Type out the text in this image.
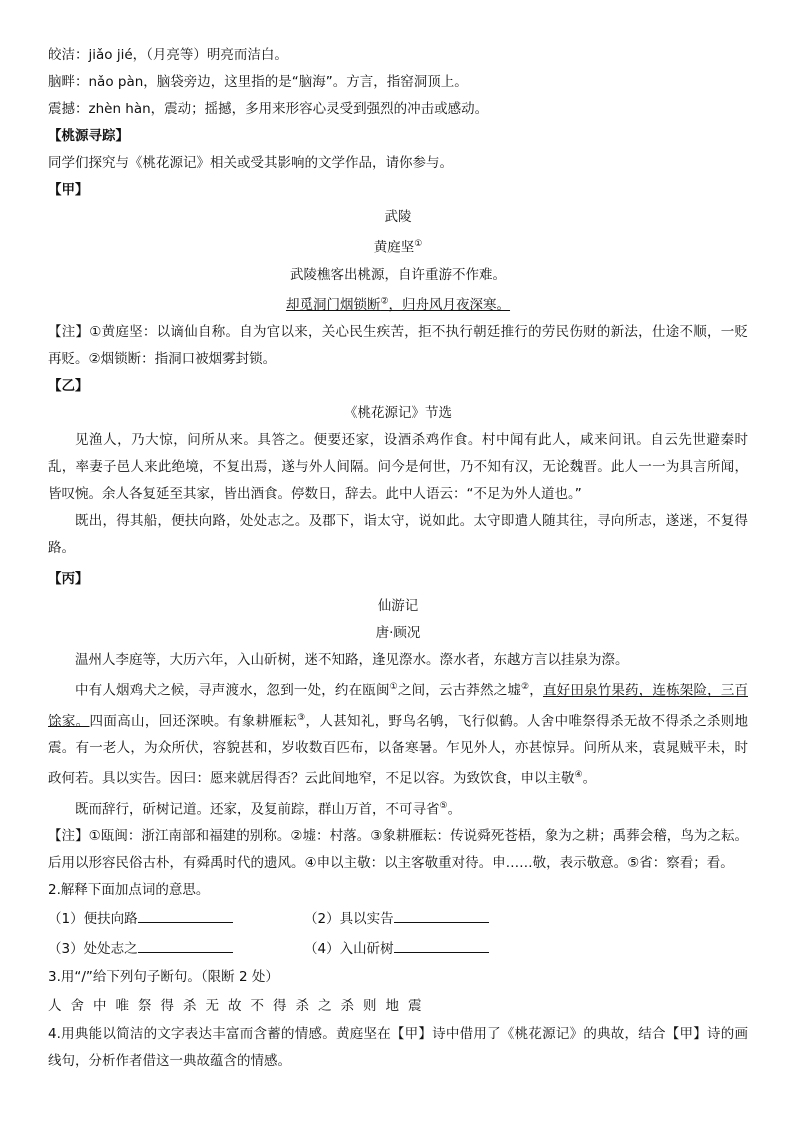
皎洁：jiǎo jié，（月亮等）明亮而洁白。
脑畔：nǎo pàn，脑袋旁边，这里指的是“脑海”。方言，指窑洞顶上。
震撼：zhèn hàn，震动；摇撼，多用来形容心灵受到强烈的冲击或感动。
【桃源寻踪】
同学们探究与《桃花源记》相关或受其影响的文学作品，请你参与。
【甲】
武陵
黄庭坚①
武陵樵客出桃源，自许重游不作难。
却觅洞门烟锁断②，归舟风月夜深寒。
【注】①黄庭坚：以谪仙自称。自为官以来，关心民生疾苦，拒不执行朝廷推行的劳民伤财的新法，仕途不顺，一贬再贬。②烟锁断：指洞口被烟雾封锁。
【乙】
《桃花源记》节选
见渔人，乃大惊，问所从来。具答之。便要还家，设酒杀鸡作食。村中闻有此人，咸来问讯。自云先世避秦时乱，率妻子邑人来此绝境，不复出焉，遂与外人间隔。问今是何世，乃不知有汉，无论魏晋。此人一一为具言所闻，皆叹惋。余人各复延至其家，皆出酒食。停数日，辞去。此中人语云：“不足为外人道也。”
既出，得其船，便扶向路，处处志之。及郡下，诣太守，说如此。太守即遣人随其往，寻向所志，遂迷，不复得路。
【丙】
仙游记
唐·顾况
温州人李庭等，大历六年，入山斫树，迷不知路，逢见漈水。漈水者，东越方言以挂泉为漈。
中有人烟鸡犬之候，寻声渡水，忽到一处，约在瓯闽①之间，云古莽然之墟②，直好田泉竹果药，连栋架险，三百馀家。四面高山，回还深映。有象耕雁耘③，人甚知礼，野鸟名鸲，飞行似鹤。人舍中唯祭得杀无故不得杀之杀则地震。有一老人，为众所伏，容貌甚和，岁收数百匹布，以备寒暑。乍见外人，亦甚惊异。问所从来，袁晁贼平未，时政何若。具以实告。因曰：愿来就居得否？云此间地窄，不足以容。为致饮食，申以主敬④。
既而辞行，斫树记道。还家，及复前踪，群山万首，不可寻省⑤。
【注】①瓯闽：浙江南部和福建的别称。②墟：村落。③象耕雁耘：传说舜死苍梧，象为之耕；禹葬会稽，鸟为之耘。后用以形容民俗古朴，有舜禹时代的遗风。④申以主敬：以主客敬重对待。申……敬，表示敬意。⑤省：察看；看。
2.解释下面加点词的意思。
（1）便扶向路	（2）具以实告
（3）处处志之	（4）入山斫树
3.用“/”给下列句子断句。（限断 2 处）
人舍中唯祭得杀无故不得杀之杀则地震
4.用典能以简洁的文字表达丰富而含蓄的情感。黄庭坚在【甲】诗中借用了《桃花源记》的典故，结合【甲】诗的画线句，分析作者借这一典故蕴含的情感。
